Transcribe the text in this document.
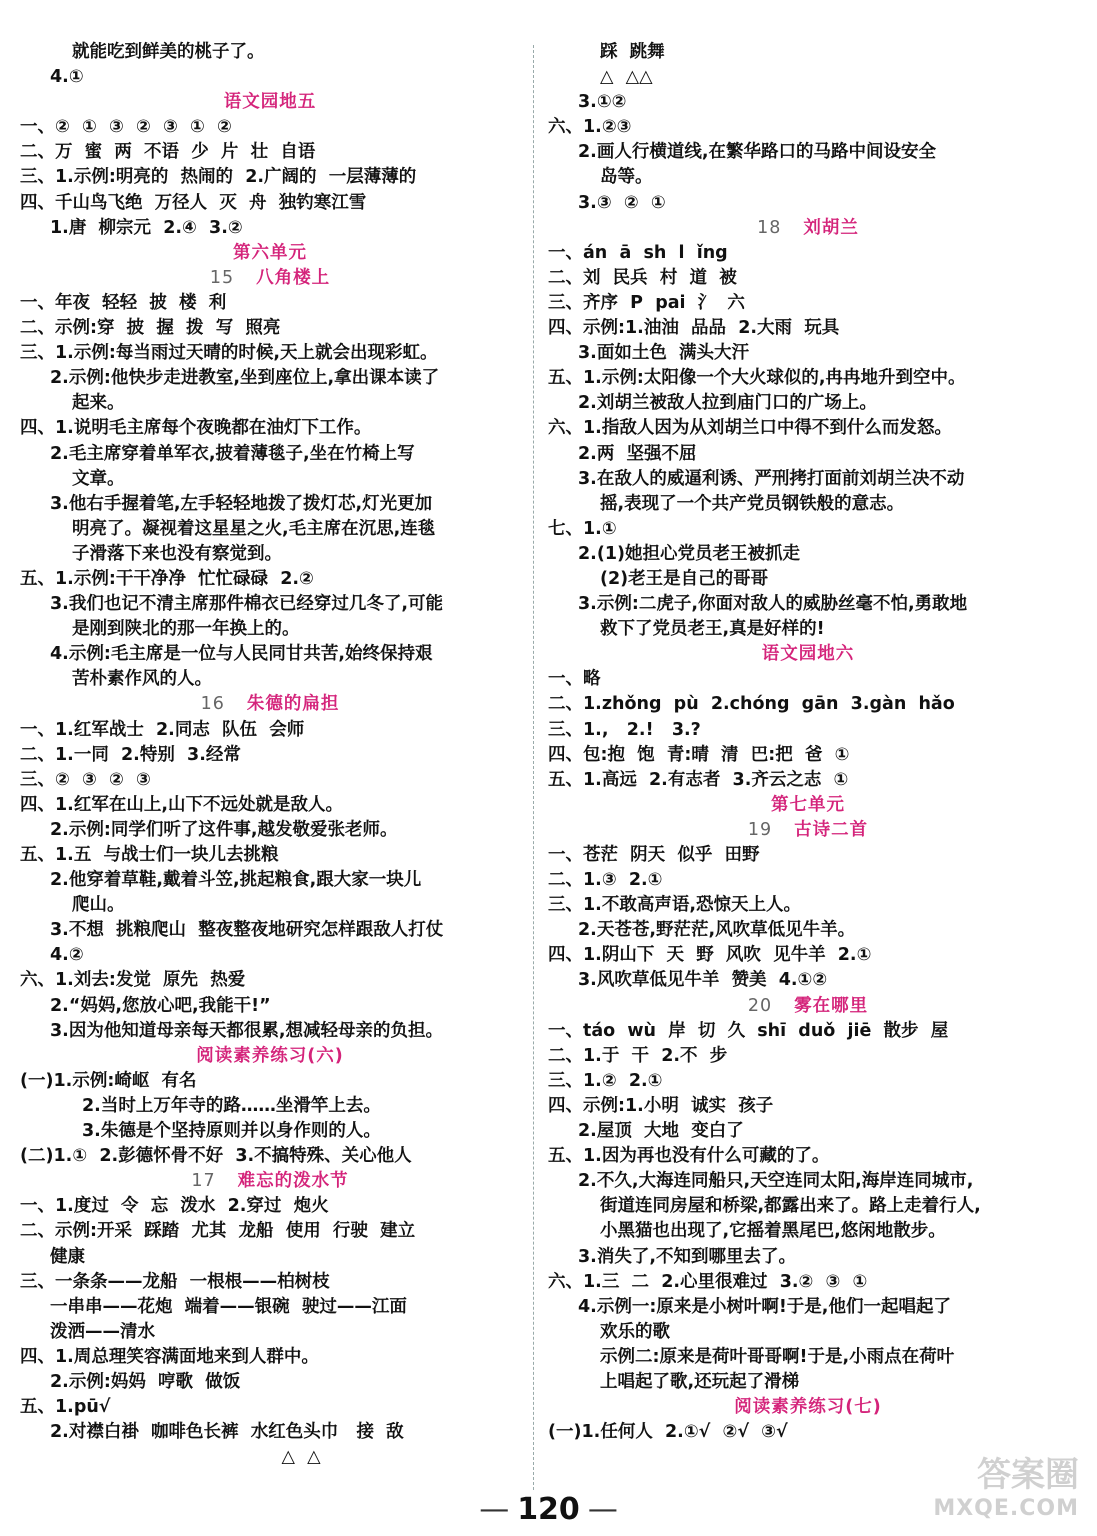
就能吃到鲜美的桃子了。
4.①
语文园地五
一、②  ①  ③  ②  ③  ①  ②
二、万  蜜  两  不语  少  片  壮  自语
三、1.示例:明亮的  热闹的  2.广阔的  一层薄薄的
四、千山鸟飞绝  万径人  灭  舟  独钓寒江雪
1.唐  柳宗元  2.④  3.②
第六单元
15 八角楼上
一、年夜  轻轻  披  楼  利
二、示例:穿  披  握  拨  写  照亮
三、1.示例:每当雨过天晴的时候,天上就会出现彩虹。
2.示例:他快步走进教室,坐到座位上,拿出课本读了
起来。
四、1.说明毛主席每个夜晚都在油灯下工作。
2.毛主席穿着单军衣,披着薄毯子,坐在竹椅上写
文章。
3.他右手握着笔,左手轻轻地拨了拨灯芯,灯光更加
明亮了。凝视着这星星之火,毛主席在沉思,连毯
子滑落下来也没有察觉到。
五、1.示例:干干净净  忙忙碌碌  2.②
3.我们也记不清主席那件棉衣已经穿过几冬了,可能
是刚到陕北的那一年换上的。
4.示例:毛主席是一位与人民同甘共苦,始终保持艰
苦朴素作风的人。
16 朱德的扁担
一、1.红军战士  2.同志  队伍  会师
二、1.一同  2.特别  3.经常
三、②  ③  ②  ③
四、1.红军在山上,山下不远处就是敌人。
2.示例:同学们听了这件事,越发敬爱张老师。
五、1.五  与战士们一块儿去挑粮
2.他穿着草鞋,戴着斗笠,挑起粮食,跟大家一块儿
爬山。
3.不想  挑粮爬山  整夜整夜地研究怎样跟敌人打仗
4.②
六、1.刘去:发觉  原先  热爱
2.“妈妈,您放心吧,我能干!”
3.因为他知道母亲每天都很累,想减轻母亲的负担。
阅读素养练习(六)
(一)1.示例:崎岖  有名
2.当时上万年寺的路……坐滑竿上去。
3.朱德是个坚持原则并以身作则的人。
(二)1.①  2.彭德怀骨不好  3.不搞特殊、关心他人
17 难忘的泼水节
一、1.度过  令  忘  泼水  2.穿过  炮火
二、示例:开采  踩踏  尤其  龙船  使用  行驶  建立
健康
三、一条条——龙船  一根根——柏树枝
一串串——花炮  端着——银碗  驶过——江面
泼洒——清水
四、1.周总理笑容满面地来到人群中。
2.示例:妈妈  哼歌  做饭
五、1.pū√
2.对襟白褂  咖啡色长裤  水红色头巾   接  敌
△  △
踩  跳舞
△  △△
3.①②
六、1.②③
2.画人行横道线,在繁华路口的马路中间设安全
岛等。
3.③  ②  ①
18 刘胡兰
一、án  ā  sh  l  ǐng
二、刘  民兵  村  道  被
三、齐序  P  pai  氵  六
四、示例:1.油油  品品  2.大雨  玩具
3.面如土色  满头大汗
五、1.示例:太阳像一个大火球似的,冉冉地升到空中。
2.刘胡兰被敌人拉到庙门口的广场上。
六、1.指敌人因为从刘胡兰口中得不到什么而发怒。
2.两  坚强不屈
3.在敌人的威逼利诱、严刑拷打面前刘胡兰决不动
摇,表现了一个共产党员钢铁般的意志。
七、1.①
2.(1)她担心党员老王被抓走
(2)老王是自己的哥哥
3.示例:二虎子,你面对敌人的威胁丝毫不怕,勇敢地
救下了党员老王,真是好样的!
语文园地六
一、略
二、1.zhǒng  pù  2.chóng  gān  3.gàn  hǎo
三、1.,   2.!   3.?
四、包:抱  饱  青:晴  清  巴:把  爸  ①
五、1.高远  2.有志者  3.齐云之志  ①
第七单元
19 古诗二首
一、苍茫  阴天  似乎  田野
二、1.③  2.①
三、1.不敢高声语,恐惊天上人。
2.天苍苍,野茫茫,风吹草低见牛羊。
四、1.阴山下  天  野  风吹  见牛羊  2.①
3.风吹草低见牛羊  赞美  4.①②
20 雾在哪里
一、táo  wù  岸  切  久  shī  duǒ  jiē  散步  屋
二、1.于  干  2.不  步
三、1.②  2.①
四、示例:1.小明  诚实  孩子
2.屋顶  大地  变白了
五、1.因为再也没有什么可藏的了。
2.不久,大海连同船只,天空连同太阳,海岸连同城市,
街道连同房屋和桥梁,都露出来了。路上走着行人,
小黑猫也出现了,它摇着黑尾巴,悠闲地散步。
3.消失了,不知到哪里去了。
六、1.三  二  2.心里很难过  3.②  ③  ①
4.示例一:原来是小树叶啊!于是,他们一起唱起了
欢乐的歌
示例二:原来是荷叶哥哥啊!于是,小雨点在荷叶
上唱起了歌,还玩起了滑梯
阅读素养练习(七)
(一)1.任何人  2.①√  ②√  ③√
— 120 —
答案圈
MXQE.COM
